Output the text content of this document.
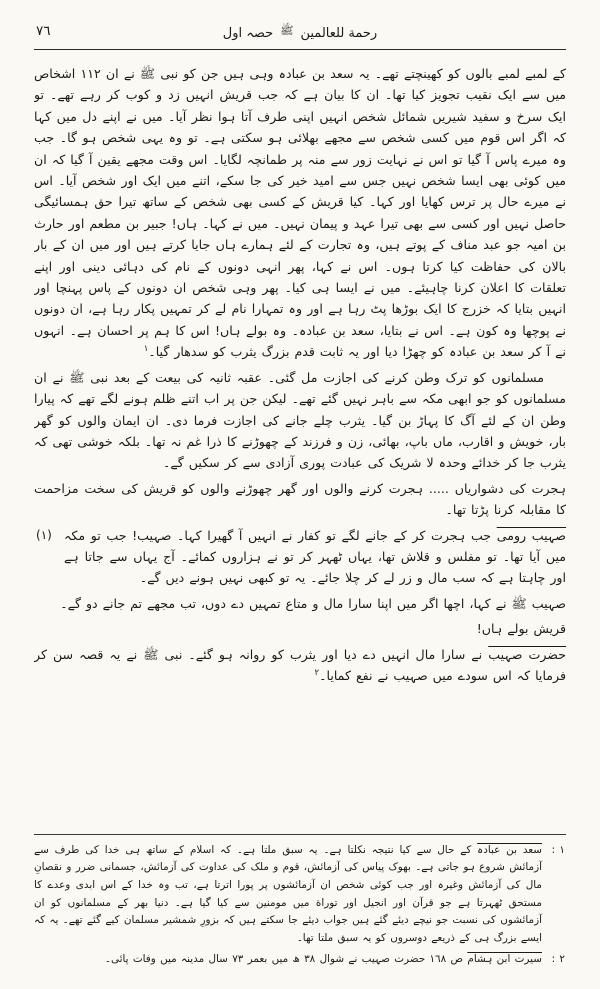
٧٦	رحمة للعالمين
ﷺ
حصہ اول

کے لمبے لمبے بالوں کو کھینچتے تھے۔ یہ سعد بن عبادہ وہی ہیں جن کو نبی ﷺ نے ان ١١٢ اشخاص میں سے ایک نقیب تجویز کیا تھا۔ ان کا بیان ہے کہ جب قریش انہیں زد و کوب کر رہے تھے۔ تو ایک سرخ و سفید شیریں شمائل شخص انہیں اپنی طرف آتا ہوا نظر آیا۔ میں نے اپنے دل میں کہا کہ اگر اس قوم میں کسی شخص سے مجھے بھلائی ہو سکتی ہے۔ تو وہ یہی شخص ہو گا۔ جب وہ میرے پاس آ گیا تو اس نے نہایت زور سے منہ پر طمانچہ لگایا۔ اس وقت مجھے یقین آ گیا کہ ان میں کوئی بھی ایسا شخص نہیں جس سے امید خیر کی جا سکے، اتنے میں ایک اور شخص آیا۔ اس نے میرے حال پر ترس کھایا اور کہا۔ کیا قریش کے کسی بھی شخص کے ساتھ تیرا حق ہمسائیگی حاصل نہیں اور کسی سے بھی تیرا عہد و پیمان نہیں۔ میں نے کہا۔ ہاں! جبیر بن مطعم اور حارث بن امیہ جو عبد مناف کے پوتے ہیں، وہ تجارت کے لئے ہمارے ہاں جایا کرتے ہیں اور میں ان کے بار بالان کی حفاظت کیا کرتا ہوں۔ اس نے کہا، پھر انہی دونوں کے نام کی دہائی دینی اور اپنے تعلقات کا اعلان کرنا چاہیئے۔ میں نے ایسا ہی کیا۔ پھر وہی شخص ان دونوں کے پاس پہنچا اور انہیں بتایا کہ خزرج کا ایک بوڑھا پٹ رہا ہے اور وہ تمہارا نام لے کر تمہیں پکار رہا ہے، ان دونوں نے پوچھا وہ کون ہے۔ اس نے بتایا، سعد بن عبادہ۔ وہ بولے ہاں! اس کا ہم پر احسان ہے۔ انہوں نے آ کر سعد بن عبادہ کو چھڑا دیا اور یہ ثابت قدم بزرگ یثرب کو سدھار گیا۔$^١$

مسلمانوں کو ترک وطن کرنے کی اجازت مل گئی۔ عقبہ ثانیہ کی بیعت کے بعد نبی ﷺ نے ان مسلمانوں کو جو ابھی مکہ سے باہر نہیں گئے تھے۔ لیکن جن پر اب اتنے ظلم ہونے لگے تھے کہ پیارا وطن ان کے لئے آگ کا پہاڑ بن گیا۔ یثرب چلے جانے کی اجازت فرما دی۔ ان ایمان والوں کو گھر بار، خویش و اقارب، ماں باپ، بھائی، زن و فرزند کے چھوڑنے کا ذرا غم نہ تھا۔ بلکہ خوشی تھی کہ یثرب جا کر خدائے وحدہ لا شریک کی عبادت پوری آزادی سے کر سکیں گے۔

ہجرت کی دشواریاں ..... ہجرت کرنے والوں اور گھر چھوڑنے والوں کو قریش کی سخت مزاحمت کا مقابلہ کرنا پڑتا تھا۔

(١)	صہیب رومی جب ہجرت کر کے جانے لگے تو کفار نے انہیں آ گھیرا کہا۔ صہیب! جب تو مکہ میں آیا تھا۔ تو مفلس و قلاش تھا، یہاں ٹھہر کر تو نے ہزاروں کمائے۔ آج یہاں سے جاتا ہے اور چاہتا ہے کہ سب مال و زر لے کر چلا جائے۔ یہ تو کبھی نہیں ہونے دیں گے۔

صہیب ﷺ نے کہا، اچھا اگر میں اپنا سارا مال و متاع تمہیں دے دوں، تب مجھے تم جانے دو گے۔

قریش بولے ہاں!

حضرت صہیب نے سارا مال انہیں دے دیا اور یثرب کو روانہ ہو گئے۔ نبی ﷺ نے یہ قصہ سن کر فرمایا کہ اس سودے میں صہیب نے نفع کمایا۔$^٢$

١ :
سعد بن عبادہ کے حال سے کیا نتیجہ نکلتا ہے۔ یہ سبق ملتا ہے۔ کہ اسلام کے ساتھ ہی خدا کی طرف سے آزمائش شروع ہو جاتی ہے۔ بھوک پیاس کی آزمائش، قوم و ملک کی عداوت کی آزمائش، جسمانی ضرر و نقصانِ مال کی آزمائش وغیرہ اور جب کوئی شخص ان آزمائشوں پر پورا اترتا ہے، تب وہ خدا کے اس ابدی وعدے کا مستحق ٹھہرتا ہے جو قرآن اور انجیل اور توراة میں مومنین سے کیا گیا ہے۔ دنیا بھر کے مسلمانوں کو ان آزمائشوں کی نسبت جو نیچے دیئے گئے ہیں جواب دیئے جا سکتے ہیں کہ بزورِ شمشیر مسلمان کیے گئے تھے۔ یہ کہ ایسے بزرگ ہی کے ذریعے دوسروں کو یہ سبق ملتا تھا۔
٢ :
سیرت ابن ہشام ص ١٦٨ حضرت صہیب نے شوال ٣٨ ھ میں بعمر ٧٣ سال مدینہ میں وفات پائی۔
